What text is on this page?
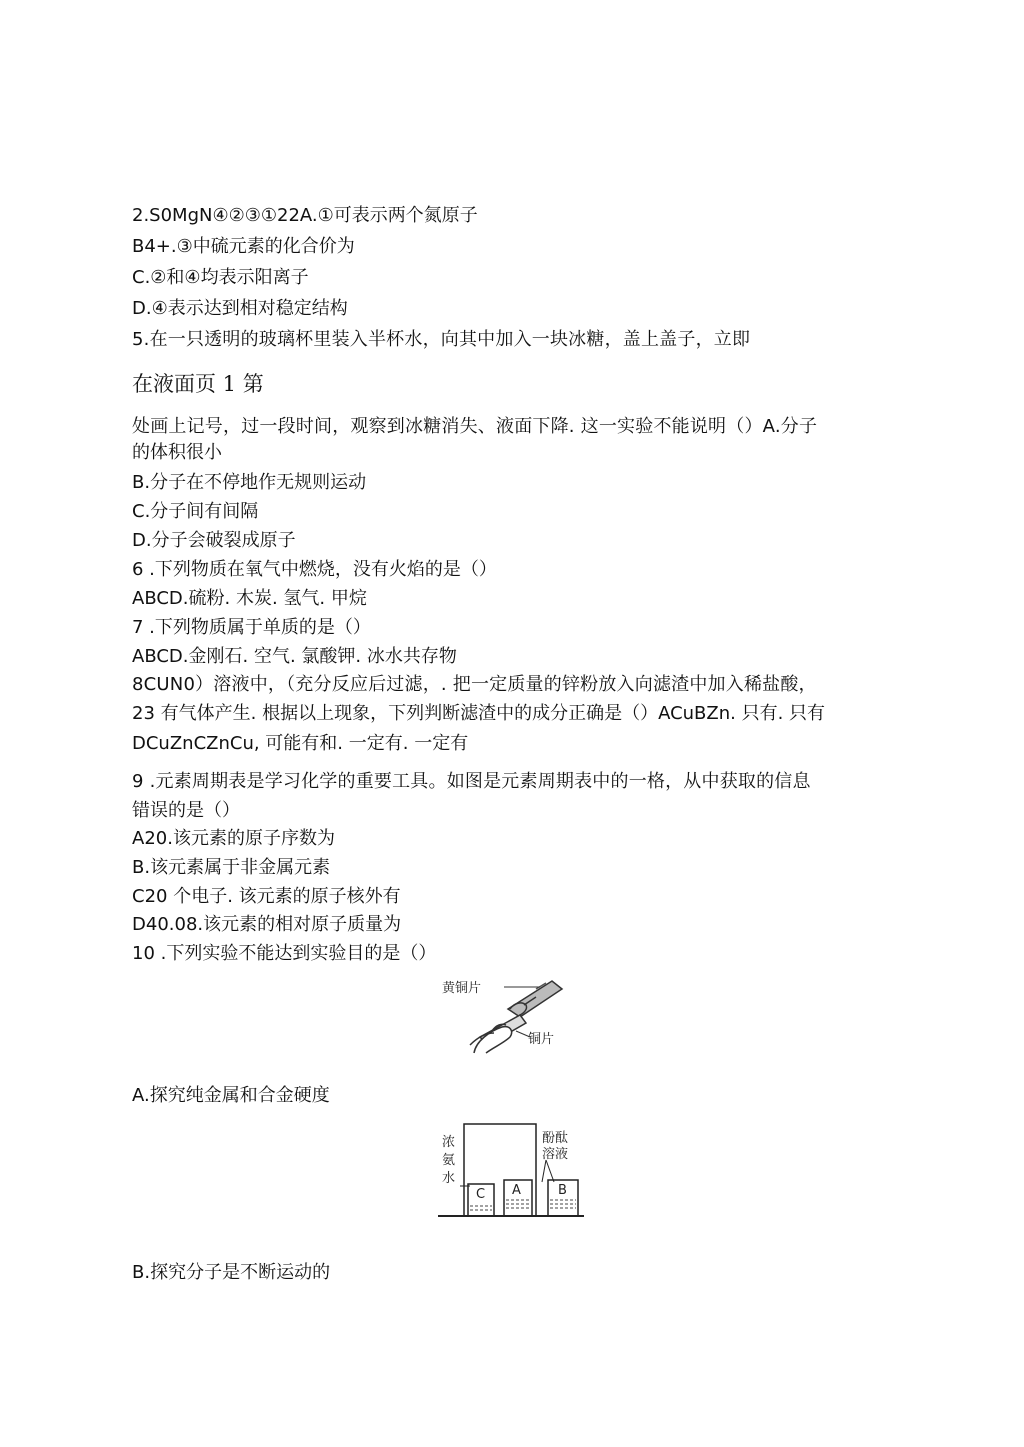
2.S0MgN④②③①22A.①可表示两个氮原子
B4+.③中硫元素的化合价为
C.②和④均表示阳离子
D.④表示达到相对稳定结构
5.在一只透明的玻璃杯里装入半杯水，向其中加入一块冰糖，盖上盖子，立即
在液面页 1 第
处画上记号，过一段时间，观察到冰糖消失、液面下降. 这一实验不能说明（）A.分子
的体积很小
B.分子在不停地作无规则运动
C.分子间有间隔
D.分子会破裂成原子
6 .下列物质在氧气中燃烧，没有火焰的是（）
ABCD.硫粉. 木炭. 氢气. 甲烷
7 .下列物质属于单质的是（）
ABCD.金刚石. 空气. 氯酸钾. 冰水共存物
8CUN0）溶液中，（充分反应后过滤，. 把一定质量的锌粉放入向滤渣中加入稀盐酸，
23 有气体产生. 根据以上现象，下列判断滤渣中的成分正确是（）ACuBZn. 只有. 只有
DCuZnCZnCu, 可能有和. 一定有. 一定有
9 .元素周期表是学习化学的重要工具。如图是元素周期表中的一格，从中获取的信息
错误的是（）
A20.该元素的原子序数为
B.该元素属于非金属元素
C20 个电子. 该元素的原子核外有
D40.08.该元素的相对原子质量为
10 .下列实验不能达到实验目的是（）
A.探究纯金属和合金硬度
B.探究分子是不断运动的
黄铜片
铜片
浓
氨
水
酚酞
溶液
C A	B
